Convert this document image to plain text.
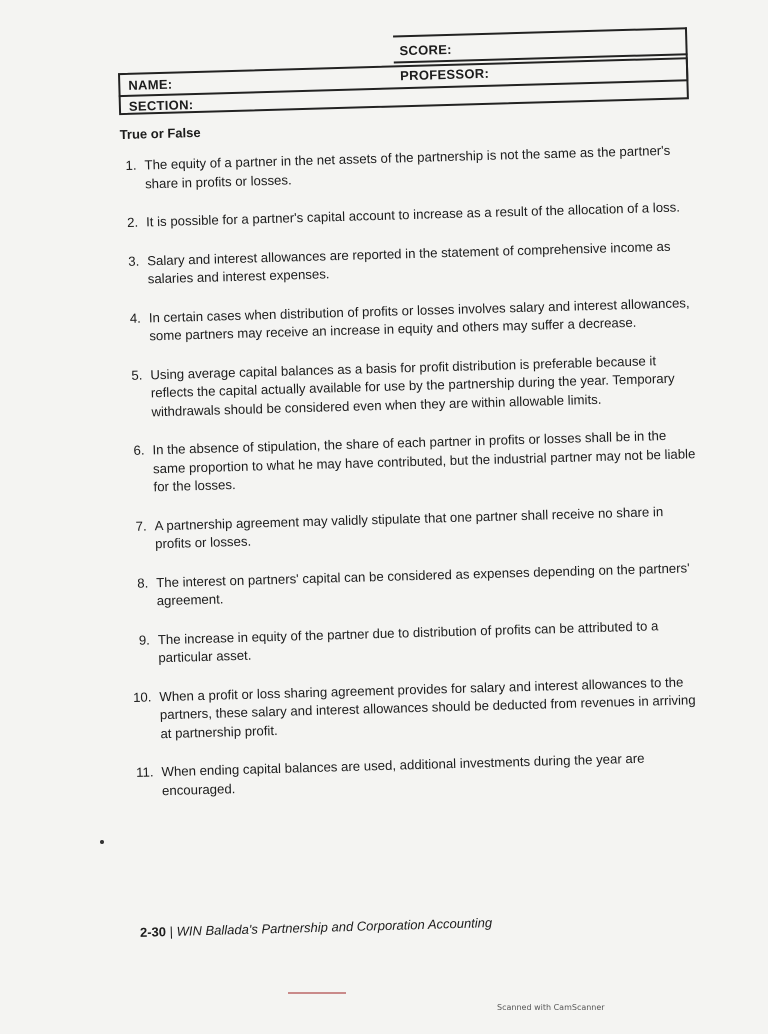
SCORE:
PROFESSOR:
NAME:
SECTION:
True or False
1. The equity of a partner in the net assets of the partnership is not the same as the partner's share in profits or losses.
2. It is possible for a partner's capital account to increase as a result of the allocation of a loss.
3. Salary and interest allowances are reported in the statement of comprehensive income as salaries and interest expenses.
4. In certain cases when distribution of profits or losses involves salary and interest allowances, some partners may receive an increase in equity and others may suffer a decrease.
5. Using average capital balances as a basis for profit distribution is preferable because it reflects the capital actually available for use by the partnership during the year. Temporary withdrawals should be considered even when they are within allowable limits.
6. In the absence of stipulation, the share of each partner in profits or losses shall be in the same proportion to what he may have contributed, but the industrial partner may not be liable for the losses.
7. A partnership agreement may validly stipulate that one partner shall receive no share in profits or losses.
8. The interest on partners' capital can be considered as expenses depending on the partners' agreement.
9. The increase in equity of the partner due to distribution of profits can be attributed to a particular asset.
10. When a profit or loss sharing agreement provides for salary and interest allowances to the partners, these salary and interest allowances should be deducted from revenues in arriving at partnership profit.
11. When ending capital balances are used, additional investments during the year are encouraged.
2-30 | WIN Ballada's Partnership and Corporation Accounting
Scanned with CamScanner
